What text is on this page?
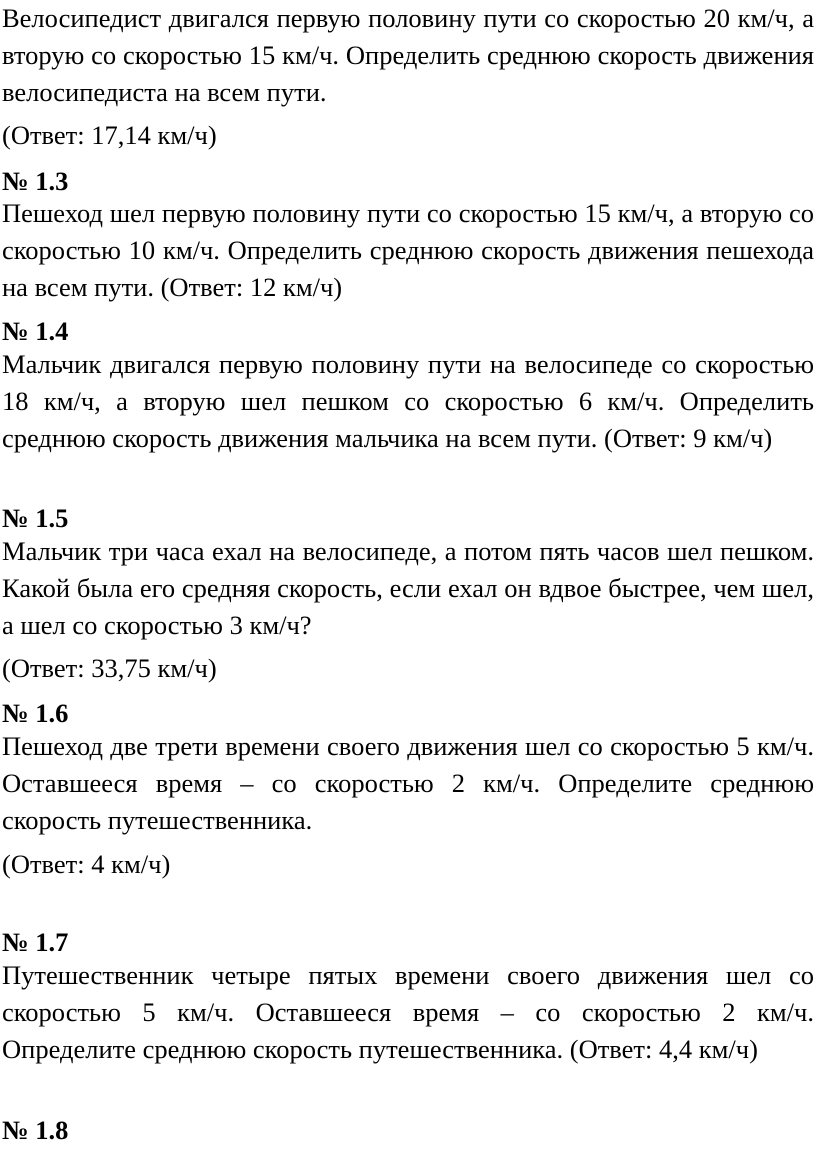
Велосипедист двигался первую половину пути со скоростью 20 км/ч, а вторую со скоростью 15 км/ч. Определить среднюю скорость движения велосипедиста на всем пути.

(Ответ: 17,14 км/ч)

№ 1.3

Пешеход шел первую половину пути со скоростью 15 км/ч, а вторую со скоростью 10 км/ч. Определить среднюю скорость движения пешехода на всем пути. (Ответ: 12 км/ч)

№ 1.4

Мальчик двигался первую половину пути на велосипеде со скоростью 18 км/ч, а вторую шел пешком со скоростью 6 км/ч. Определить среднюю скорость движения мальчика на всем пути. (Ответ: 9 км/ч)

№ 1.5

Мальчик три часа ехал на велосипеде, а потом пять часов шел пешком. Какой была его средняя скорость, если ехал он вдвое быстрее, чем шел, а шел со скоростью 3 км/ч?

(Ответ: 33,75 км/ч)

№ 1.6

Пешеход две трети времени своего движения шел со скоростью 5 км/ч. Оставшееся время – со скоростью 2 км/ч. Определите среднюю скорость путешественника.

(Ответ: 4 км/ч)

№ 1.7

Путешественник четыре пятых времени своего движения шел со скоростью 5 км/ч. Оставшееся время – со скоростью 2 км/ч. Определите среднюю скорость путешественника. (Ответ: 4,4 км/ч)

№ 1.8
